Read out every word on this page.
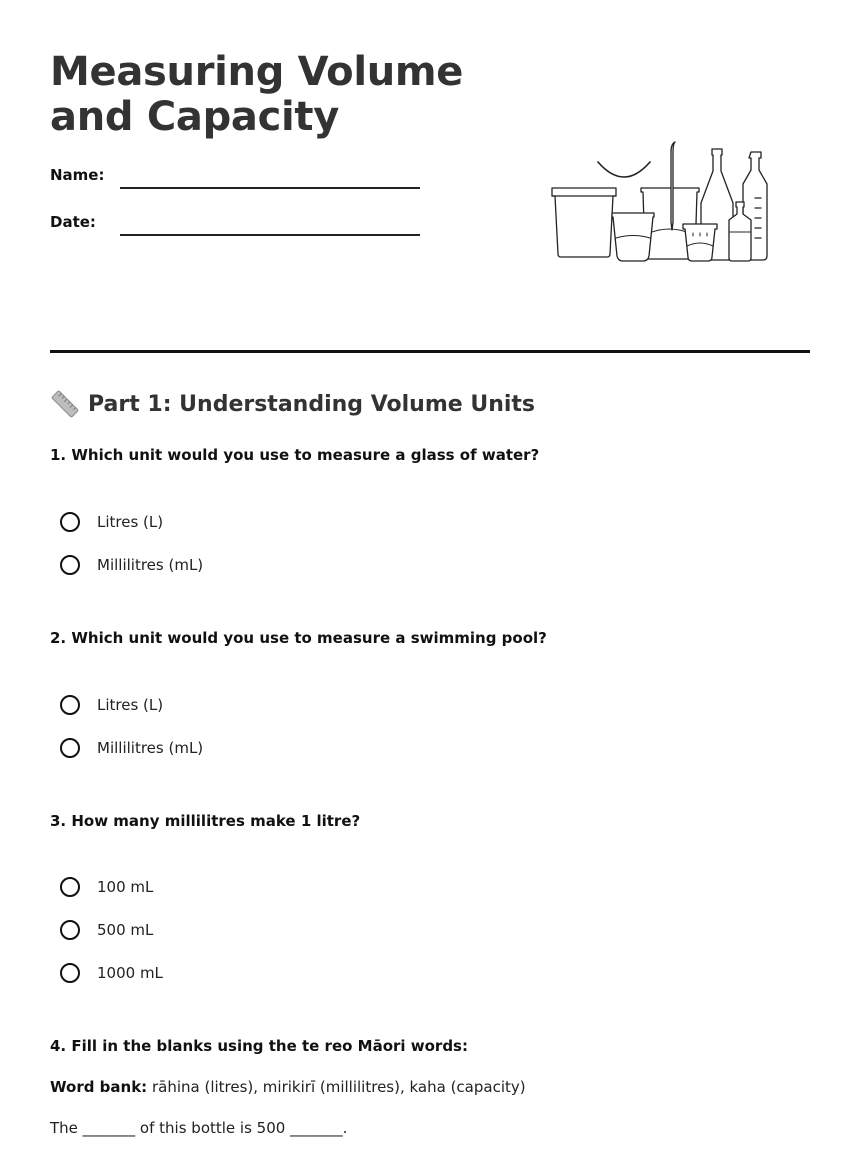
Measuring Volume and Capacity
Name:
Date:
Part 1: Understanding Volume Units
1. Which unit would you use to measure a glass of water?
Litres (L)
Millilitres (mL)
2. Which unit would you use to measure a swimming pool?
Litres (L)
Millilitres (mL)
3. How many millilitres make 1 litre?
100 mL
500 mL
1000 mL
4. Fill in the blanks using the te reo Māori words:
Word bank: rāhina (litres), mirikirī (millilitres), kaha (capacity)
The _______ of this bottle is 500 _______.
